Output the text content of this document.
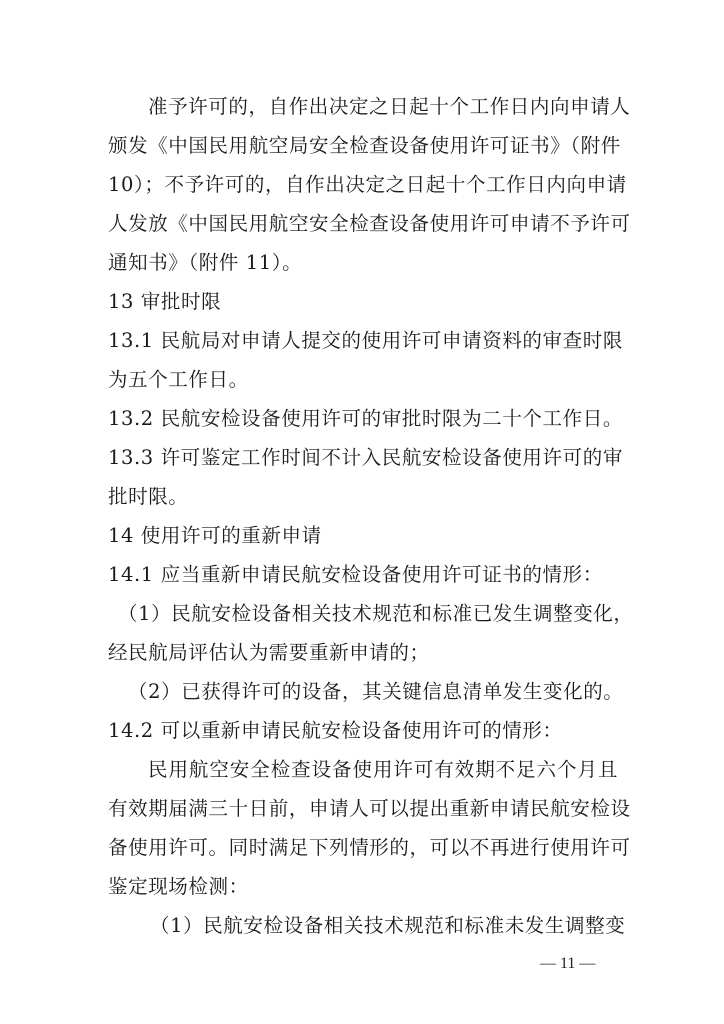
准予许可的，自作出决定之日起十个工作日内向申请人
颁发《中国民用航空局安全检查设备使用许可证书》（附件
10）；不予许可的，自作出决定之日起十个工作日内向申请
人发放《中国民用航空安全检查设备使用许可申请不予许可
通知书》（附件 11）。
13 审批时限
13.1 民航局对申请人提交的使用许可申请资料的审查时限
为五个工作日。
13.2 民航安检设备使用许可的审批时限为二十个工作日。
13.3 许可鉴定工作时间不计入民航安检设备使用许可的审
批时限。
14 使用许可的重新申请
14.1 应当重新申请民航安检设备使用许可证书的情形：
（1）民航安检设备相关技术规范和标准已发生调整变化，
经民航局评估认为需要重新申请的；
（2）已获得许可的设备，其关键信息清单发生变化的。
14.2 可以重新申请民航安检设备使用许可的情形：
民用航空安全检查设备使用许可有效期不足六个月且
有效期届满三十日前，申请人可以提出重新申请民航安检设
备使用许可。同时满足下列情形的，可以不再进行使用许可
鉴定现场检测：
（1）民航安检设备相关技术规范和标准未发生调整变
— 11 —
